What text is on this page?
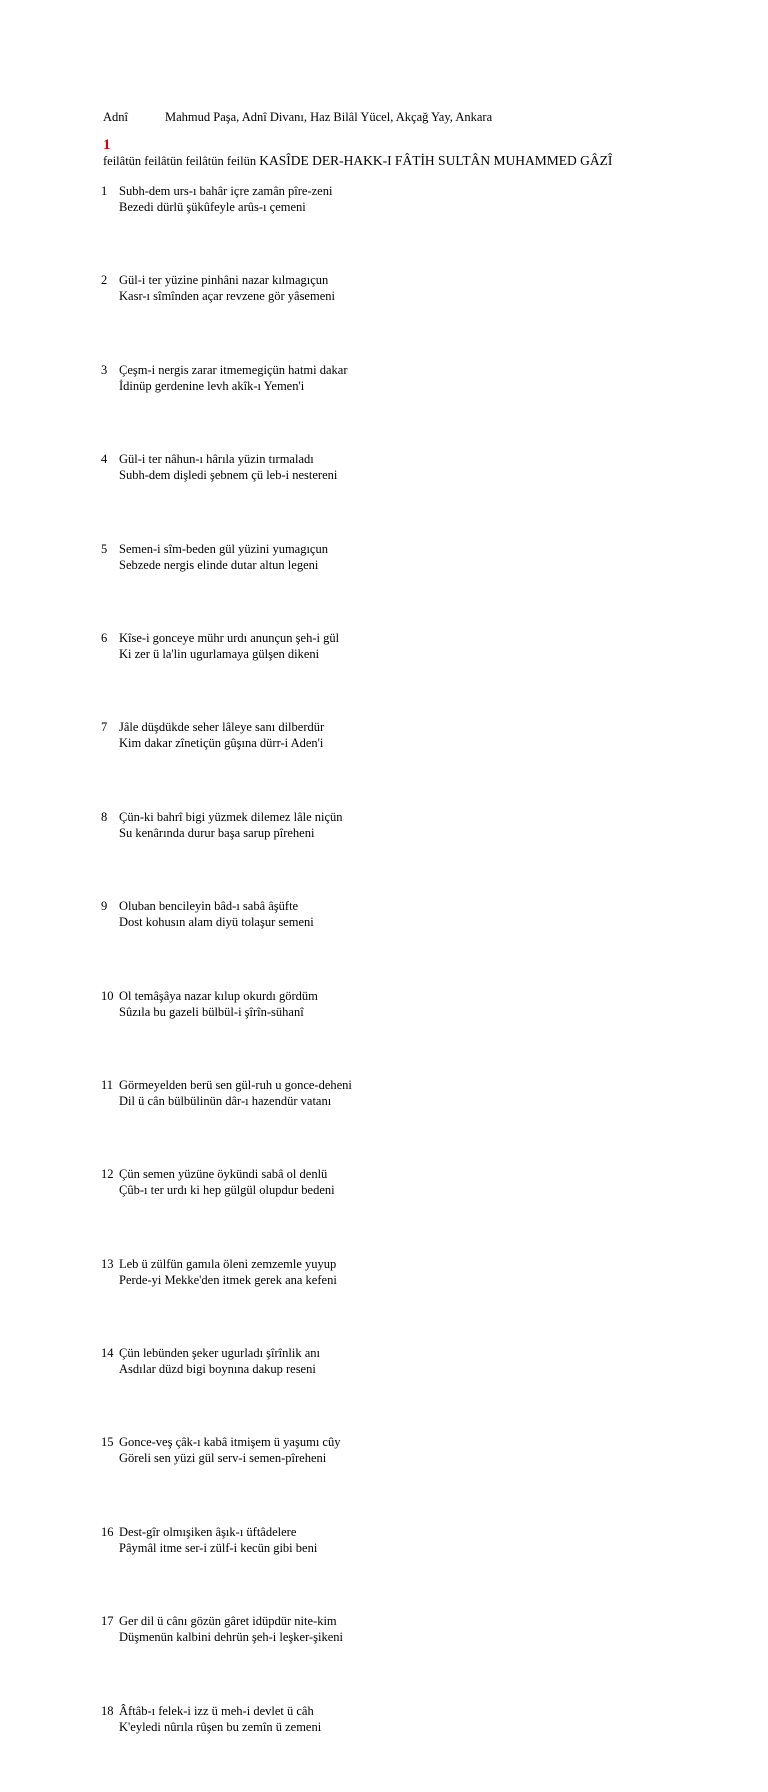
Adnî	Mahmud Paşa, Adnî Divanı, Haz Bilâl Yücel, Akçağ Yay, Ankara
1
feilâtün feilâtün feilâtün feilün KASÎDE DER-HAKK-I FÂTİH SULTÂN MUHAMMED GÂZÎ
1 Subh-dem urs-ı bahâr içre zamân pîre-zeni
Bezedi dürlü şükûfeyle arûs-ı çemeni
2 Gül-i ter yüzine pinhâni nazar kılmagıçun
Kasr-ı sîmînden açar revzene gör yâsemeni
3 Çeşm-i nergis zarar itmemegiçün hatmi dakar
İdinüp gerdenine levh akîk-ı Yemen'i
4 Gül-i ter nâhun-ı hârıla yüzin tırmaladı
Subh-dem dişledi şebnem çü leb-i nestereni
5 Semen-i sîm-beden gül yüzini yumagıçun
Sebzede nergis elinde dutar altun legeni
6 Kîse-i gonceye mühr urdı anunçun şeh-i gül
Ki zer ü la'lin ugurlamaya gülşen dikeni
7 Jâle düşdükde seher lâleye sanı dilberdür
Kim dakar zînetiçün gûşına dürr-i Aden'i
8 Çün-ki bahrî bigi yüzmek dilemez lâle niçün
Su kenârında durur başa sarup pîreheni
9 Oluban bencileyin bâd-ı sabâ âşüfte
Dost kohusın alam diyü tolaşur semeni
10 Ol temâşâya nazar kılup okurdı gördüm
Sûzıla bu gazeli bülbül-i şîrîn-sühanî
11 Görmeyelden berü sen gül-ruh u gonce-deheni
Dil ü cân bülbülinün dâr-ı hazendür vatanı
12 Çün semen yüzüne öykündi sabâ ol denlü
Çûb-ı ter urdı ki hep gülgül olupdur bedeni
13 Leb ü zülfün gamıla öleni zemzemle yuyup
Perde-yi Mekke'den itmek gerek ana kefeni
14 Çün lebünden şeker ugurladı şîrînlik anı
Asdılar düzd bigi boynına dakup reseni
15 Gonce-veş çâk-ı kabâ itmişem ü yaşumı cûy
Göreli sen yüzi gül serv-i semen-pîreheni
16 Dest-gîr olmışiken âşık-ı üftâdelere
Pâymâl itme ser-i zülf-i kecün gibi beni
17 Ger dil ü cânı gözün gâret idüpdür nite-kim
Düşmenün kalbini dehrün şeh-i leşker-şikeni
18 Âftâb-ı felek-i izz ü meh-i devlet ü câh
K'eyledi nûrıla rûşen bu zemîn ü zemeni
